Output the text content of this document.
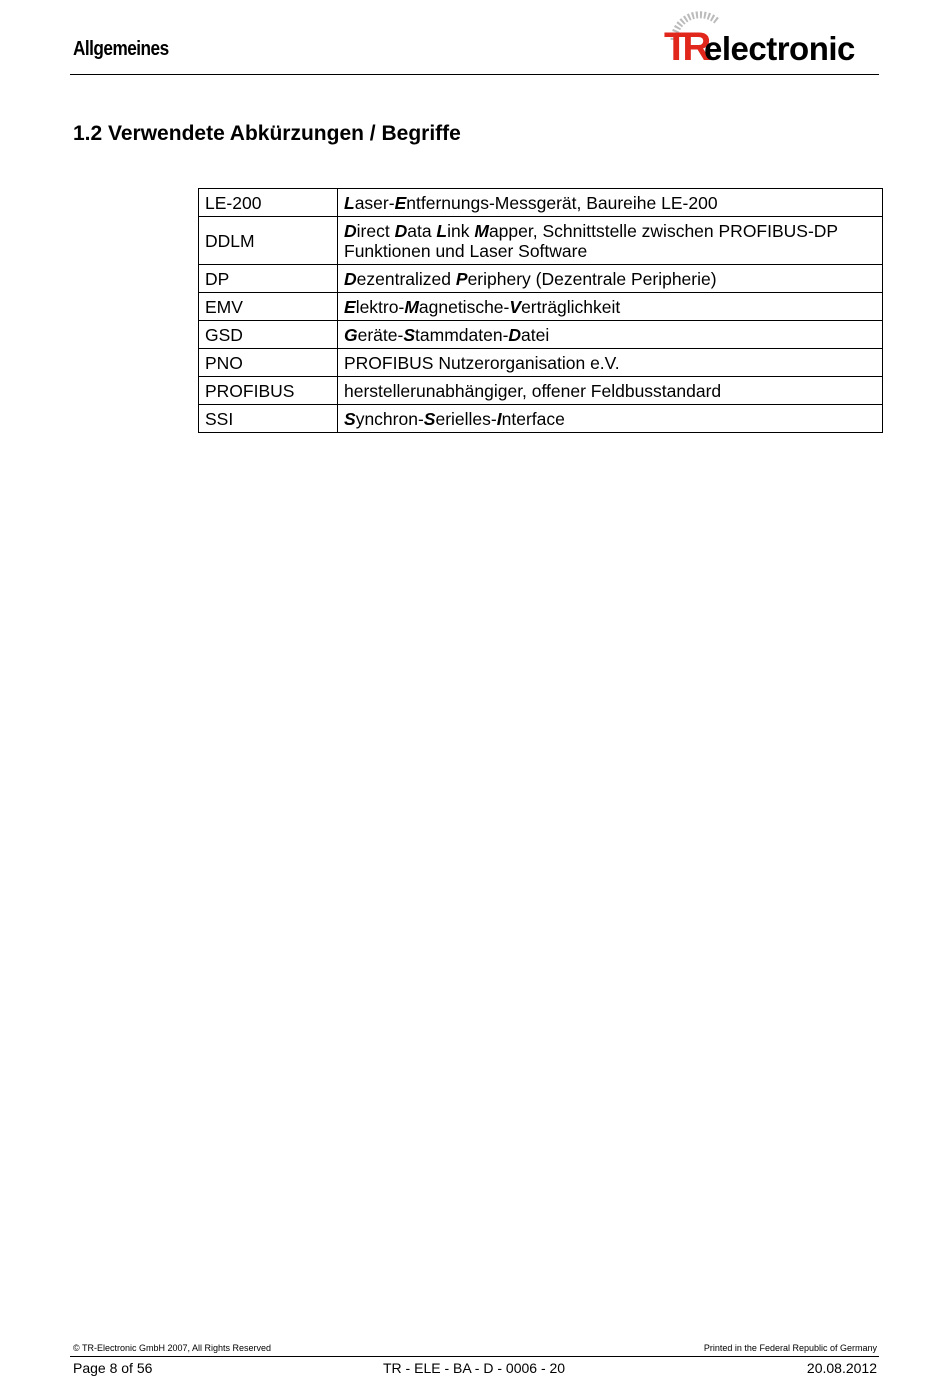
Allgemeines	TR
electronic
1.2 Verwendete Abkürzungen / Begriffe
LE-200	Laser-Entfernungs-Messgerät, Baureihe LE-200
DDLM	Direct Data Link Mapper, Schnittstelle zwischen PROFIBUS-DP Funktionen und Laser Software
DP	Dezentralized Periphery (Dezentrale Peripherie)
EMV	Elektro-Magnetische-Verträglichkeit
GSD	Geräte-Stammdaten-Datei
PNO	PROFIBUS Nutzerorganisation e.V.
PROFIBUS	herstellerunabhängiger, offener Feldbusstandard
SSI	Synchron-Serielles-Interface
© TR-Electronic GmbH 2007, All Rights Reserved	Printed in the Federal Republic of Germany
Page 8 of 56	TR - ELE - BA - D - 0006 - 20	20.08.2012
